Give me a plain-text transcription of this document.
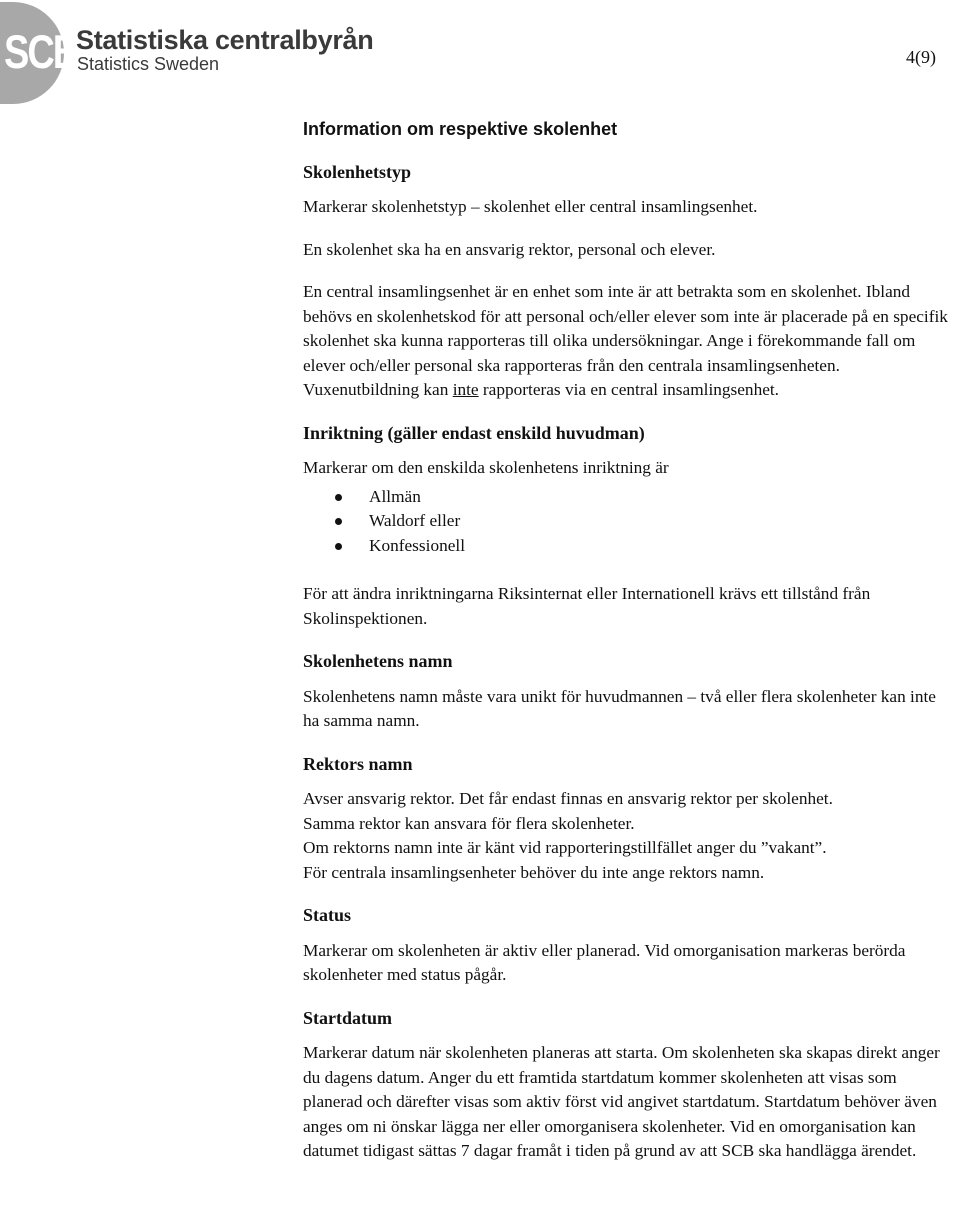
SCB
Statistiska centralbyrån
Statistics Sweden	4(9)
Information om respektive skolenhet
Skolenhetstyp

Markerar skolenhetstyp – skolenhet eller central insamlingsenhet.

En skolenhet ska ha en ansvarig rektor, personal och elever.

En central insamlingsenhet är en enhet som inte är att betrakta som en skolenhet. Ibland behövs en skolenhetskod för att personal och/eller elever som inte är placerade på en specifik skolenhet ska kunna rapporteras till olika undersökningar. Ange i förekommande fall om elever och/eller personal ska rapporteras från den centrala insamlingsenheten.

Vuxenutbildning kan inte rapporteras via en central insamlingsenhet.

Inriktning (gäller endast enskild huvudman)

Markerar om den enskilda skolenhetens inriktning är

Allmän
Waldorf eller
Konfessionell

För att ändra inriktningarna Riksinternat eller Internationell krävs ett tillstånd från Skolinspektionen.

Skolenhetens namn

Skolenhetens namn måste vara unikt för huvudmannen – två eller flera skolenheter kan inte ha samma namn.

Rektors namn

Avser ansvarig rektor. Det får endast finnas en ansvarig rektor per skolenhet.

Samma rektor kan ansvara för flera skolenheter.

Om rektorns namn inte är känt vid rapporteringstillfället anger du ”vakant”.

För centrala insamlingsenheter behöver du inte ange rektors namn.

Status

Markerar om skolenheten är aktiv eller planerad. Vid omorganisation markeras berörda skolenheter med status pågår.

Startdatum

Markerar datum när skolenheten planeras att starta. Om skolenheten ska skapas direkt anger du dagens datum. Anger du ett framtida startdatum kommer skolenheten att visas som planerad och därefter visas som aktiv först vid angivet startdatum. Startdatum behöver även anges om ni önskar lägga ner eller omorganisera skolenheter. Vid en omorganisation kan datumet tidigast sättas 7 dagar framåt i tiden på grund av att SCB ska handlägga ärendet.
